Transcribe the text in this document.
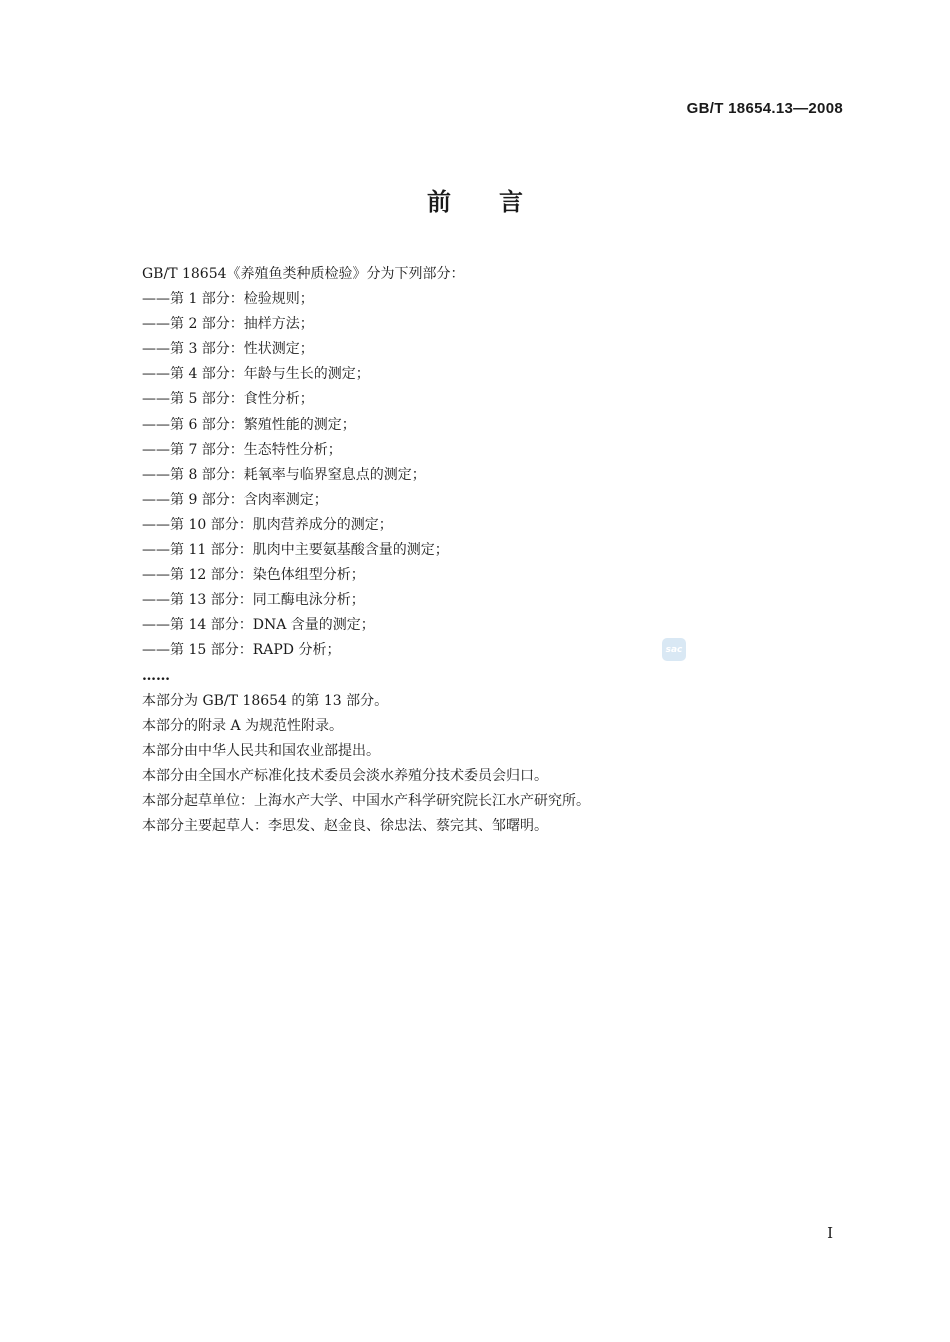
GB/T 18654.13—2008

前言
GB/T 18654《养殖鱼类种质检验》分为下列部分：
——第 1 部分：检验规则；
——第 2 部分：抽样方法；
——第 3 部分：性状测定；
——第 4 部分：年龄与生长的测定；
——第 5 部分：食性分析；
——第 6 部分：繁殖性能的测定；
——第 7 部分：生态特性分析；
——第 8 部分：耗氧率与临界窒息点的测定；
——第 9 部分：含肉率测定；
——第 10 部分：肌肉营养成分的测定；
——第 11 部分：肌肉中主要氨基酸含量的测定；
——第 12 部分：染色体组型分析；
——第 13 部分：同工酶电泳分析；
——第 14 部分：DNA 含量的测定；
——第 15 部分：RAPD 分析；
……
本部分为 GB/T 18654 的第 13 部分。
本部分的附录 A 为规范性附录。
本部分由中华人民共和国农业部提出。
本部分由全国水产标准化技术委员会淡水养殖分技术委员会归口。
本部分起草单位：上海水产大学、中国水产科学研究院长江水产研究所。
本部分主要起草人：李思发、赵金良、徐忠法、蔡完其、邹曙明。
sac

I
